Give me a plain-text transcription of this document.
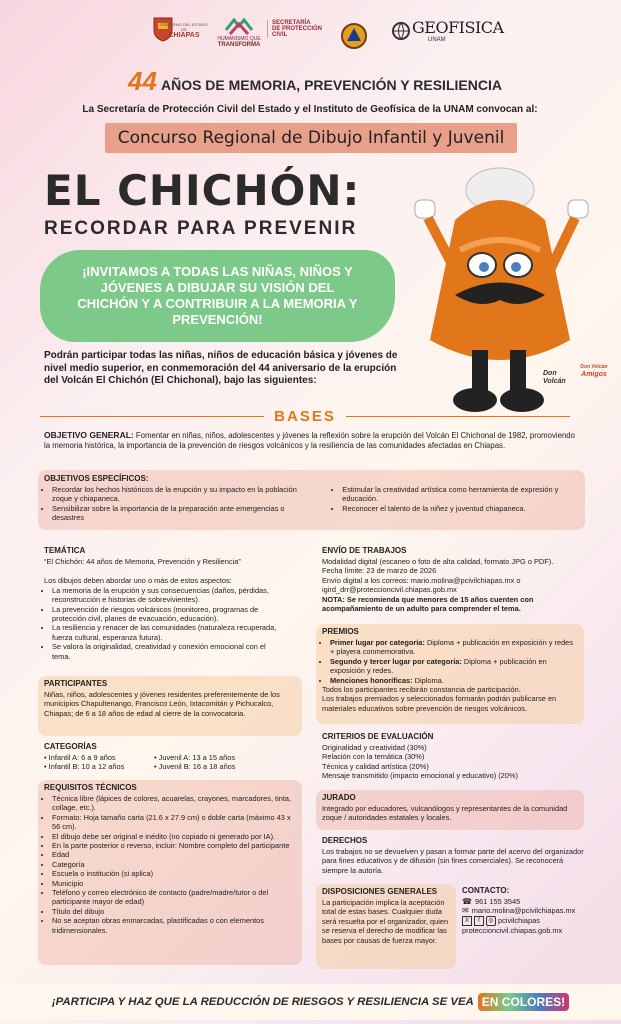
GOBIERNO DEL ESTADO DE
CHIAPAS	HUMANISMO QUE
TRANSFORMA
SECRETARÍA
DE PROTECCIÓN
CIVIL	GEOFISICA
UNAM
44 AÑOS DE MEMORIA, PREVENCIÓN Y RESILIENCIA
La Secretaría de Protección Civil del Estado y el Instituto de Geofísica de la UNAM convocan al:
Concurso Regional de Dibujo Infantil y Juvenil
EL CHICHÓN:
RECORDAR PARA PREVENIR
¡INVITAMOS A TODAS LAS NIÑAS, NIÑOS Y JÓVENES A DIBUJAR SU VISIÓN DEL CHICHÓN Y A CONTRIBUIR A LA MEMORIA Y PREVENCIÓN!
Podrán participar todas las niñas, niños de educación básica y jóvenes de nivel medio superior, en conmemoración del 44 aniversario de la erupción del Volcán El Chichón (El Chichonal), bajo las siguientes:
Don
Volcán
Don Volcán
Amigos
BASES
OBJETIVO GENERAL: Fomentar en niñas, niños, adolescentes y jóvenes la reflexión sobre la erupción del Volcán El Chichonal de 1982, promoviendo la memoria histórica, la importancia de la prevención de riesgos volcánicos y la resiliencia de las comunidades afectadas en Chiapas.
OBJETIVOS ESPECÍFICOS:
• Recordar los hechos históricos de la erupción y su impacto en la población zoque y chiapaneca.
• Sensibilizar sobre la importancia de la preparación ante emergencias o desastres
• Estimular la creatividad artística como herramienta de expresión y educación.
• Reconocer el talento de la niñez y juventud chiapaneca.
TEMÁTICA
“El Chichón: 44 años de Memoria, Prevención y Resiliencia”
Los dibujos deben abordar uno o más de estos aspectos:
• La memoria de la erupción y sus consecuencias (daños, pérdidas, reconstrucción e historias de sobrevivientes).
• La prevención de riesgos volcánicos (monitoreo, programas de protección civil, planes de evacuación, educación).
• La resiliencia y renacer de las comunidades (naturaleza recuperada, fuerza cultural, esperanza futura).
• Se valora la originalidad, creatividad y conexión emocional con el tema.
PARTICIPANTES
Niñas, niños, adolescentes y jóvenes residentes preferentemente de los municipios Chapultenango, Francisco León, Ixtacomitán y Pichucalco, Chiapas; de 6 a 18 años de edad al cierre de la convocatoria.
CATEGORÍAS
• Infantil A: 6 a 9 años	• Juvenil A: 13 a 15 años
• Infantil B: 10 a 12 años	• Juvenil B: 16 a 18 años
REQUISITOS TÉCNICOS
• Técnica libre (lápices de colores, acuarelas, crayones, marcadores, tinta, collage, etc.).
• Formato: Hoja tamaño carta (21.6 x 27.9 cm) o doble carta (máximo 43 x 56 cm).
• El dibujo debe ser original e inédito (no copiado ni generado por IA).
• En la parte posterior o reverso, incluir: Nombre completo del participante
• Edad
• Categoría
• Escuela o institución (si aplica)
• Municipio
• Teléfono y correo electrónico de contacto (padre/madre/tutor o del participante mayor de edad)
• Título del dibujo
• No se aceptan obras enmarcadas, plastificadas o con elementos tridimensionales.
ENVÍO DE TRABAJOS
Modalidad digital (escaneo o foto de alta calidad, formato JPG o PDF).
Fecha límite: 23 de marzo de 2026
Envío digital a los correos: mario.molina@pcivilchiapas.mx o igird_drr@proteccioncivil.chiapas.gob.mx
NOTA: Se recomienda que menores de 15 años cuenten con acompañamiento de un adulto para comprender el tema.
PREMIOS
• Primer lugar por categoría: Diploma + publicación en exposición y redes + playera conmemorativa.
• Segundo y tercer lugar por categoría: Diploma + publicación en exposición y redes.
• Menciones honoríficas: Diploma.
Todos los participantes recibirán constancia de participación.
Los trabajos premiados y seleccionados formarán podrán publicarse en materiales educativos sobre prevención de riesgos volcánicos.
CRITERIOS DE EVALUACIÓN
Originalidad y creatividad (30%)
Relación con la temática (30%)
Técnica y calidad artística (20%)
Mensaje transmitido (impacto emocional y educativo) (20%)
JURADO
Integrado por educadores, vulcanólogos y representantes de la comunidad zoque / autoridades estatales y locales.
DERECHOS
Los trabajos no se devuelven y pasan a formar parte del acervo del organizador para fines educativos y de difusión (sin fines comerciales). Se reconocerá siempre la autoría.
DISPOSICIONES GENERALES
La participación implica la aceptación total de estas bases. Cualquier duda será resuelta por el organizador, quien se reserva el derecho de modificar las bases por causas de fuerza mayor.
CONTACTO:
☎ 961 155 3545
✉ mario.molina@pcivilchiapas.mx
X	f	◎ pcivilchiapas
proteccioncivil.chiapas.gob.mx
¡PARTICIPA Y HAZ QUE LA REDUCCIÓN DE RIESGOS Y RESILIENCIA SE VEA EN COLORES!
